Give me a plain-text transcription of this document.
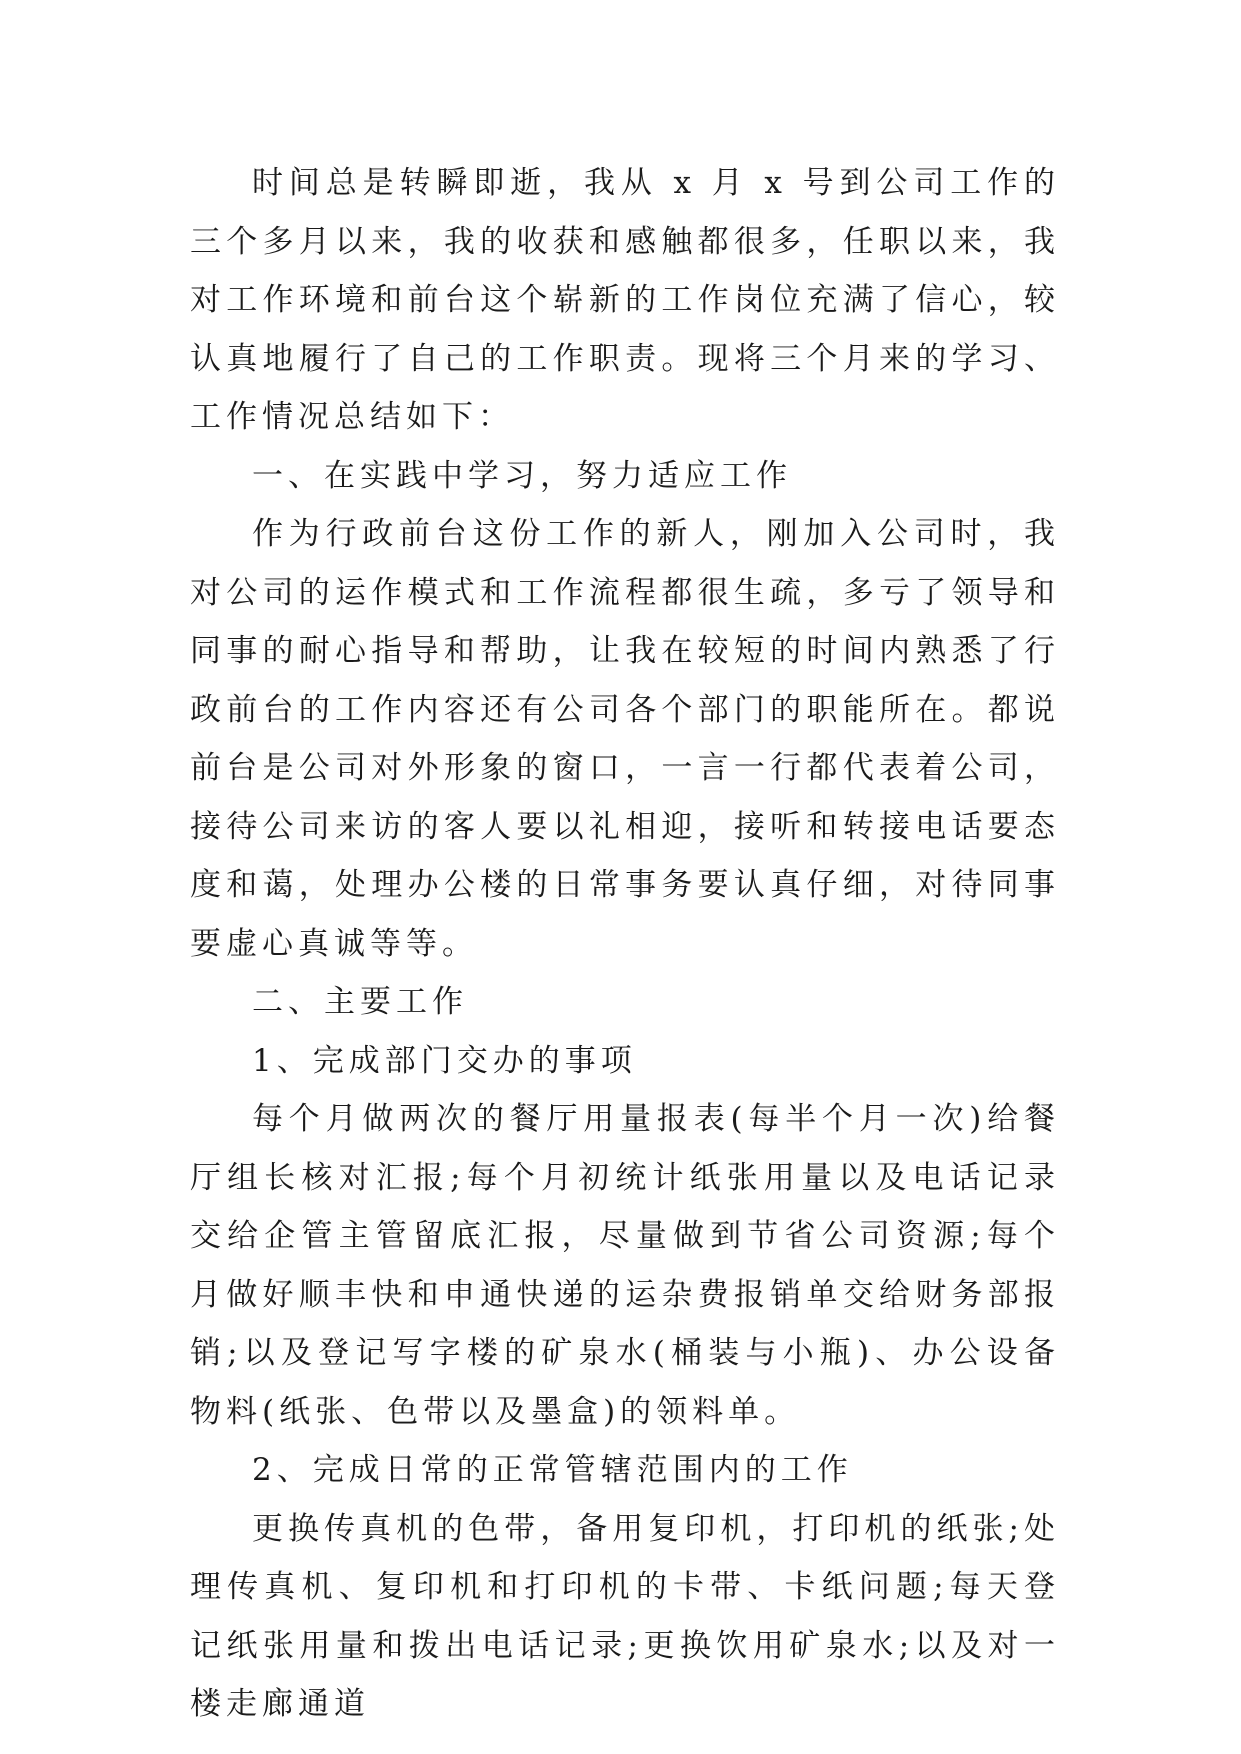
时间总是转瞬即逝，我从 x 月 x 号到公司工作的三个多月以来，我的收获和感触都很多，任职以来，我对工作环境和前台这个崭新的工作岗位充满了信心，较认真地履行了自己的工作职责。现将三个月来的学习、工作情况总结如下：

一、在实践中学习，努力适应工作

作为行政前台这份工作的新人，刚加入公司时，我对公司的运作模式和工作流程都很生疏，多亏了领导和同事的耐心指导和帮助，让我在较短的时间内熟悉了行政前台的工作内容还有公司各个部门的职能所在。都说前台是公司对外形象的窗口，一言一行都代表着公司，接待公司来访的客人要以礼相迎，接听和转接电话要态度和蔼，处理办公楼的日常事务要认真仔细，对待同事要虚心真诚等等。

二、主要工作

1、完成部门交办的事项

每个月做两次的餐厅用量报表(每半个月一次)给餐厅组长核对汇报;每个月初统计纸张用量以及电话记录交给企管主管留底汇报，尽量做到节省公司资源;每个月做好顺丰快和申通快递的运杂费报销单交给财务部报销;以及登记写字楼的矿泉水(桶装与小瓶)、办公设备物料(纸张、色带以及墨盒)的领料单。

2、完成日常的正常管辖范围内的工作

更换传真机的色带，备用复印机，打印机的纸张;处理传真机、复印机和打印机的卡带、卡纸问题;每天登记纸张用量和拨出电话记录;更换饮用矿泉水;以及对一楼走廊通道
